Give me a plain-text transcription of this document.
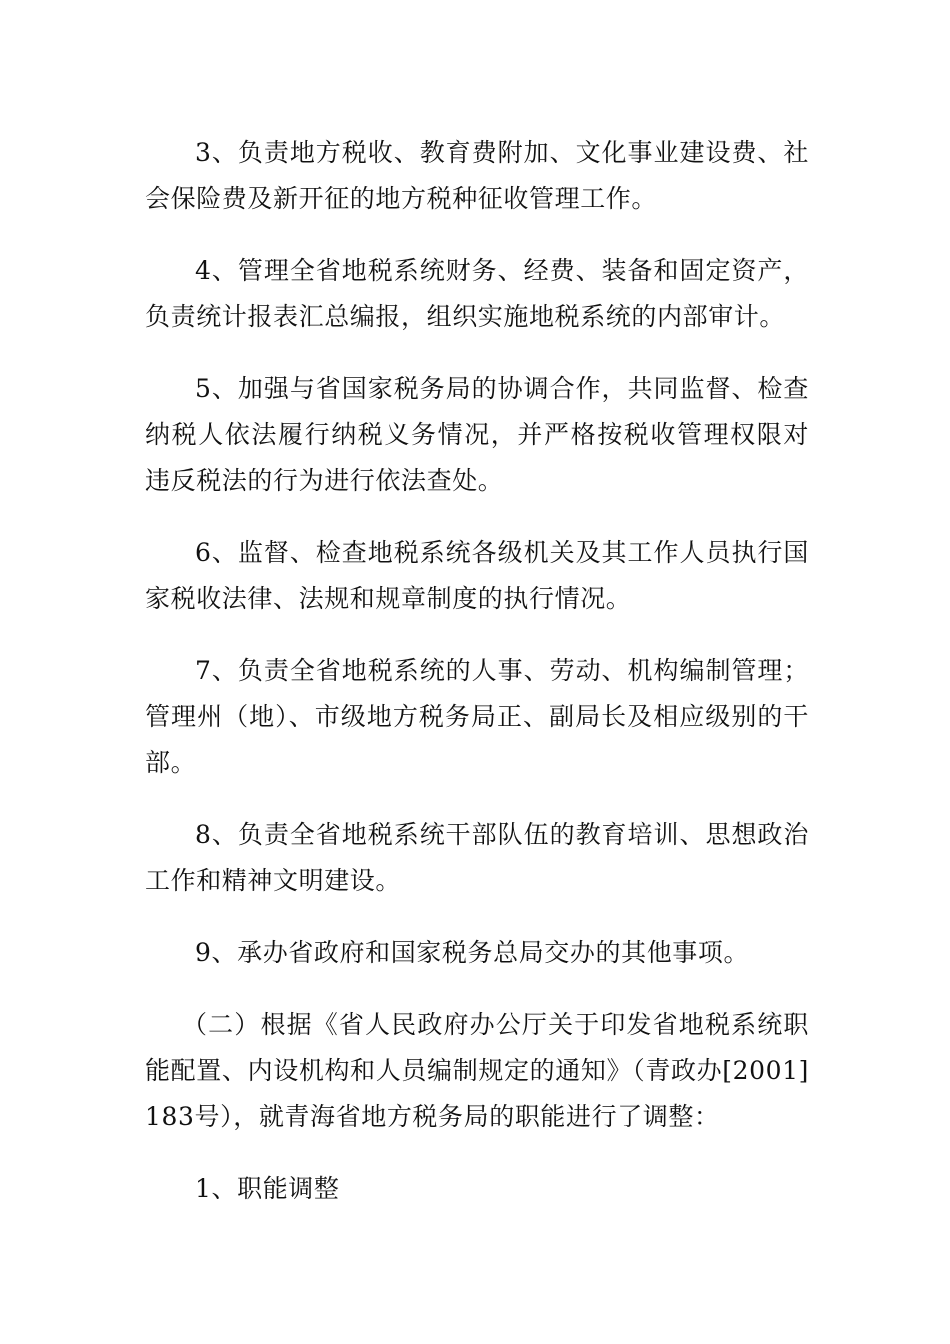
3、负责地方税收、教育费附加、文化事业建设费、社会保险费及新开征的地方税种征收管理工作。

4、管理全省地税系统财务、经费、装备和固定资产，负责统计报表汇总编报，组织实施地税系统的内部审计。

5、加强与省国家税务局的协调合作，共同监督、检查纳税人依法履行纳税义务情况，并严格按税收管理权限对违反税法的行为进行依法查处。

6、监督、检查地税系统各级机关及其工作人员执行国家税收法律、法规和规章制度的执行情况。

7、负责全省地税系统的人事、劳动、机构编制管理；管理州（地）、市级地方税务局正、副局长及相应级别的干部。

8、负责全省地税系统干部队伍的教育培训、思想政治工作和精神文明建设。

9、承办省政府和国家税务总局交办的其他事项。

（二）根据《省人民政府办公厅关于印发省地税系统职能配置、内设机构和人员编制规定的通知》（青政办[2001]183号），就青海省地方税务局的职能进行了调整：

1、职能调整
